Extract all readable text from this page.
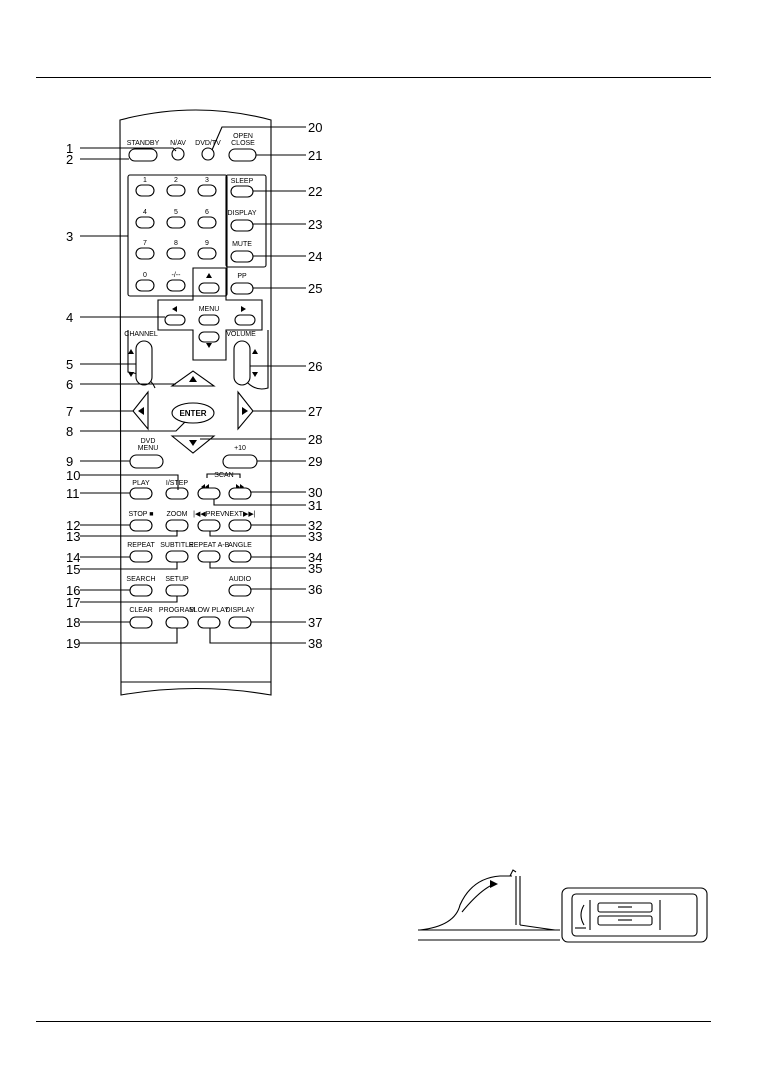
STANDBY N/AV DVD/TV
OPEN
CLOSE
1	2	3
4	5	6
7	8	9
0	-/--
SLEEP
DISPLAY
MUTE
PP
MENU
CHANNEL	VOLUME
ENTER
DVD
MENU	+10
SCAN
PLAY I/STEP
STOP ■ ZOOM |◀◀PREV NEXT▶▶|
REPEAT SUBTITLE
REPEAT A-B
ANGLE
SEARCH SETUP	AUDIO
CLEAR PROGRAM
SLOW PLAY
DISPLAY
1
2
3
4
5
6
7
8
9
10
11
12
13
14
15
16
17
18
19
20
21
22
23
24
25
26
27
28
29
30
31
32
33
34
35
36
37
38
